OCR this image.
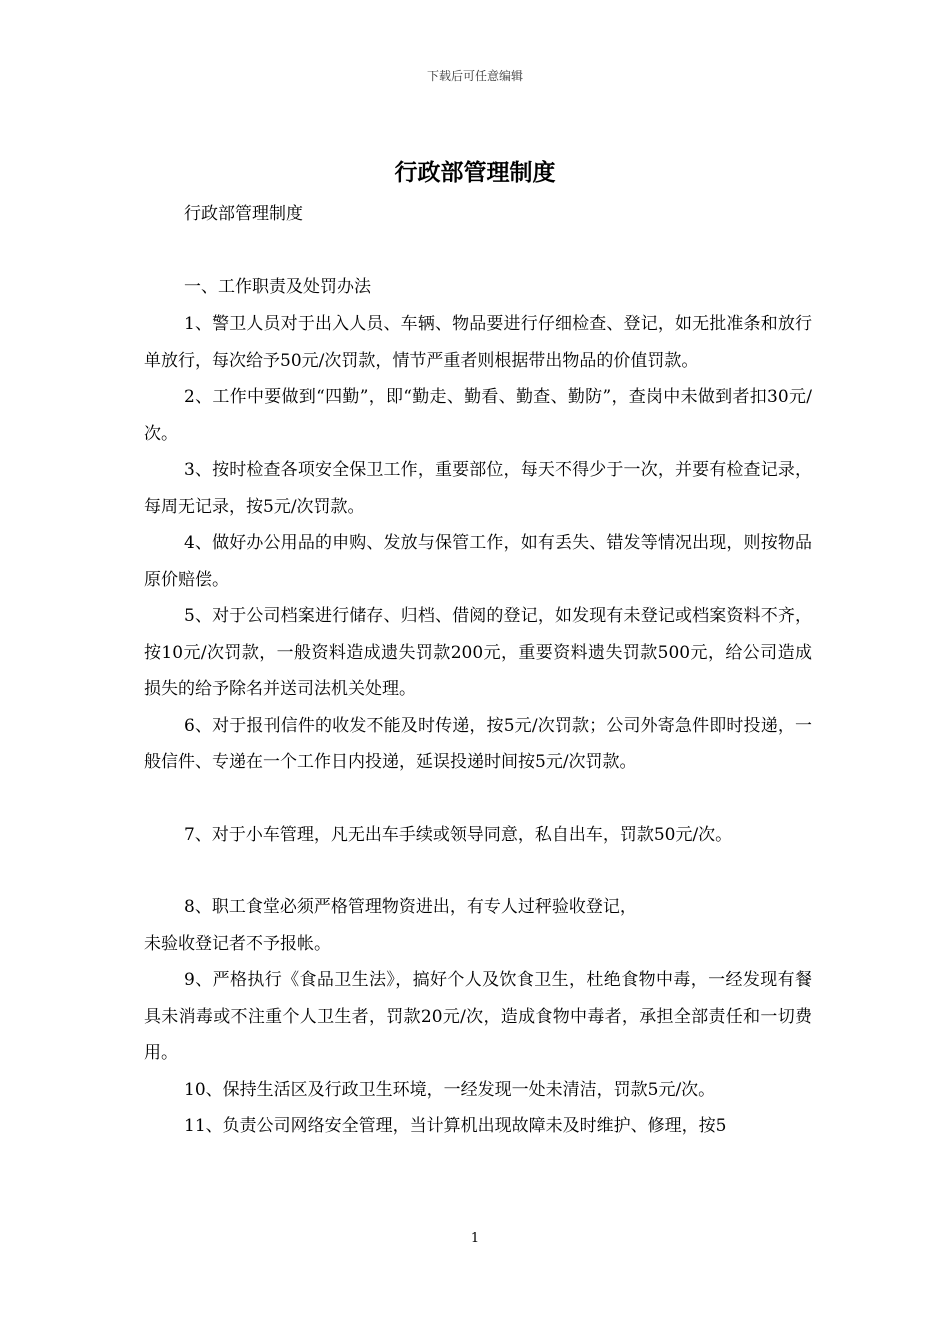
下载后可任意编辑
行政部管理制度

行政部管理制度

一、工作职责及处罚办法

1、警卫人员对于出入人员、车辆、物品要进行仔细检查、登记，如无批准条和放行单放行，每次给予50元/次罚款，情节严重者则根据带出物品的价值罚款。

2、工作中要做到“四勤”，即“勤走、勤看、勤查、勤防”，查岗中未做到者扣30元/次。

3、按时检查各项安全保卫工作，重要部位，每天不得少于一次，并要有检查记录，每周无记录，按5元/次罚款。

4、做好办公用品的申购、发放与保管工作，如有丢失、错发等情况出现，则按物品原价赔偿。

5、对于公司档案进行储存、归档、借阅的登记，如发现有未登记或档案资料不齐，按10元/次罚款，一般资料造成遗失罚款200元，重要资料遗失罚款500元，给公司造成损失的给予除名并送司法机关处理。

6、对于报刊信件的收发不能及时传递，按5元/次罚款；公司外寄急件即时投递，一般信件、专递在一个工作日内投递，延误投递时间按5元/次罚款。

7、对于小车管理，凡无出车手续或领导同意，私自出车，罚款50元/次。

8、职工食堂必须严格管理物资进出，有专人过秤验收登记，

未验收登记者不予报帐。

9、严格执行《食品卫生法》，搞好个人及饮食卫生，杜绝食物中毒，一经发现有餐具未消毒或不注重个人卫生者，罚款20元/次，造成食物中毒者，承担全部责任和一切费用。

10、保持生活区及行政卫生环境，一经发现一处未清洁，罚款5元/次。

11、负责公司网络安全管理，当计算机出现故障未及时维护、修理，按5

1
